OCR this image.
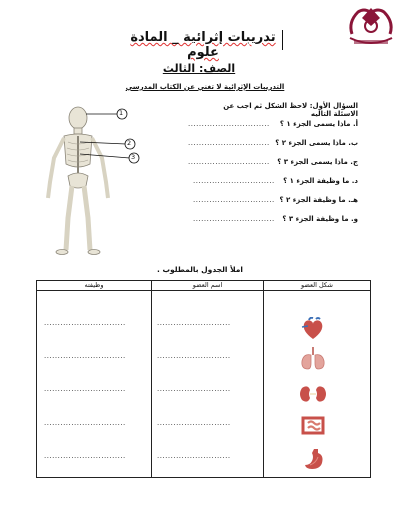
تدريبات إثرائية _ المادة علوم
الصف: الثالث
التدريبات الإثرائية لا تغني عن الكتاب المدرسي
1
2
3
السؤال الأول: لاحظ الشكل ثم اجب عن الاسئلة التاليه
أ. ماذا يسمى الجزء ١ ؟
..............................
ب. ماذا يسمى الجزء ٢ ؟
..............................
ج. ماذا يسمى الجزء ٣ ؟
..............................
د. ما وظيفة الجزء ١ ؟
..............................
هـ. ما وظيفة الجزء ٢ ؟
..............................
و. ما وظيفة الجزء ٣ ؟
..............................
املأ الجدول بالمطلوب .
وظيفته	اسم العضو	شكل العضو

..............................	...........................
..............................	...........................
..............................	...........................
..............................	...........................
..............................	...........................
